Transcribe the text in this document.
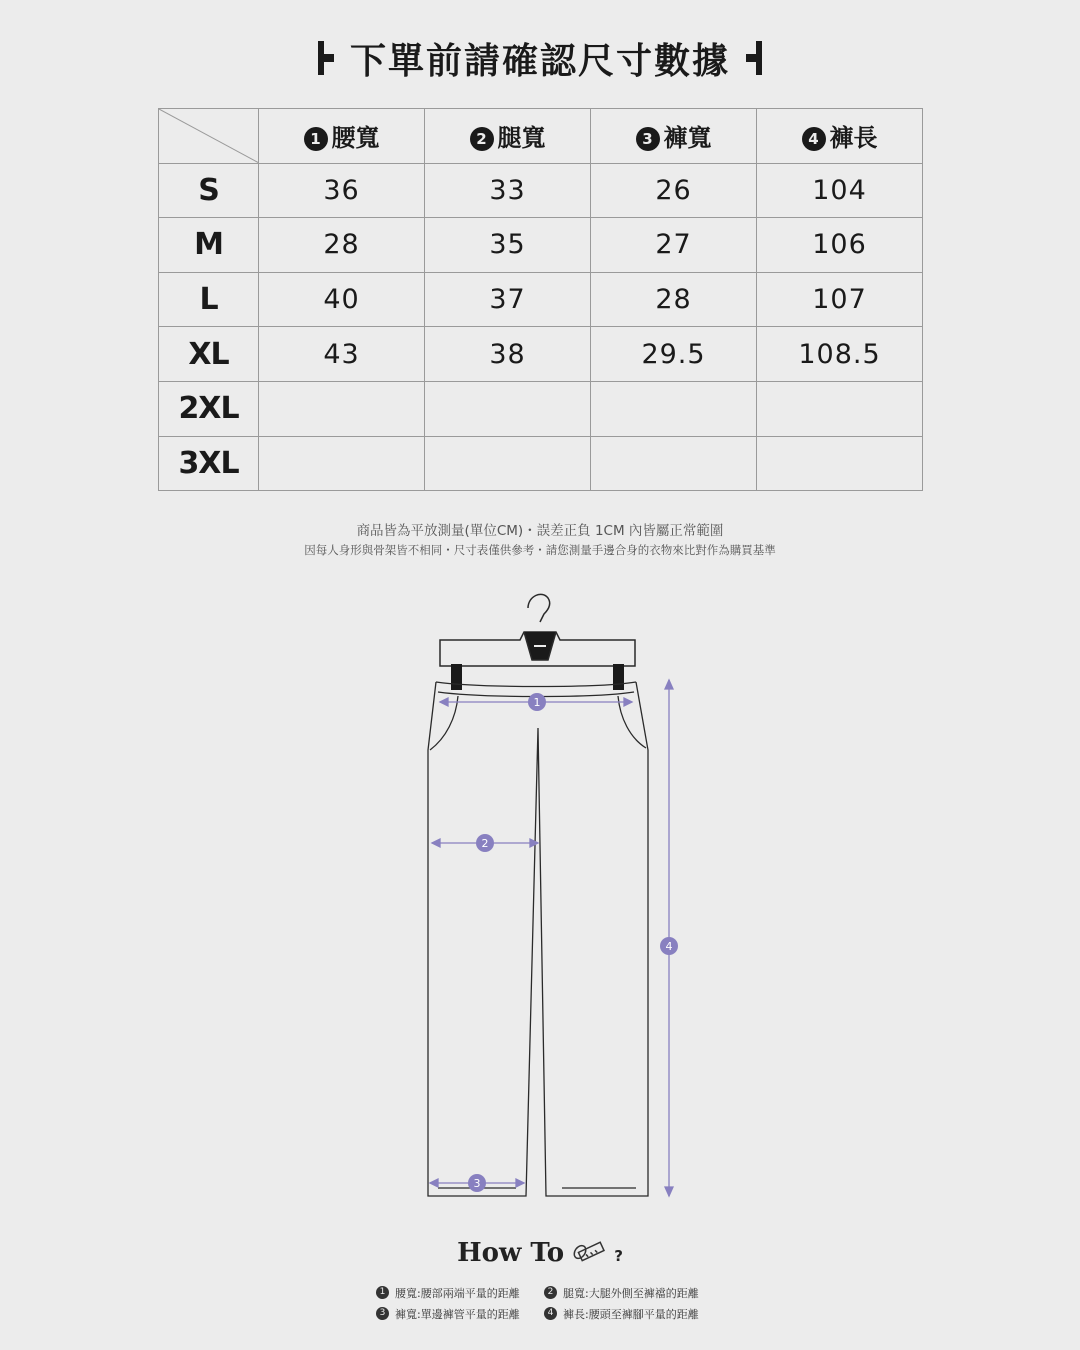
下單前請確認尺寸數據
	1 腰寬	2 腿寬	3 褲寬	4 褲長
S	36	33	26	104
M	28	35	27	106
L	40	37	28	107
XL	43	38	29.5	108.5
2XL				
3XL				
商品皆為平放測量(單位CM)・誤差正負 1CM 內皆屬正常範圍
因每人身形與骨架皆不相同・尺寸表僅供參考・請您測量手邊合身的衣物來比對作為購買基準
1
2
3
4
How To	?
1 腰寬:腰部兩端平量的距離	2 腿寬:大腿外側至褲襠的距離
3 褲寬:單邊褲管平量的距離	4 褲長:腰頭至褲腳平量的距離
